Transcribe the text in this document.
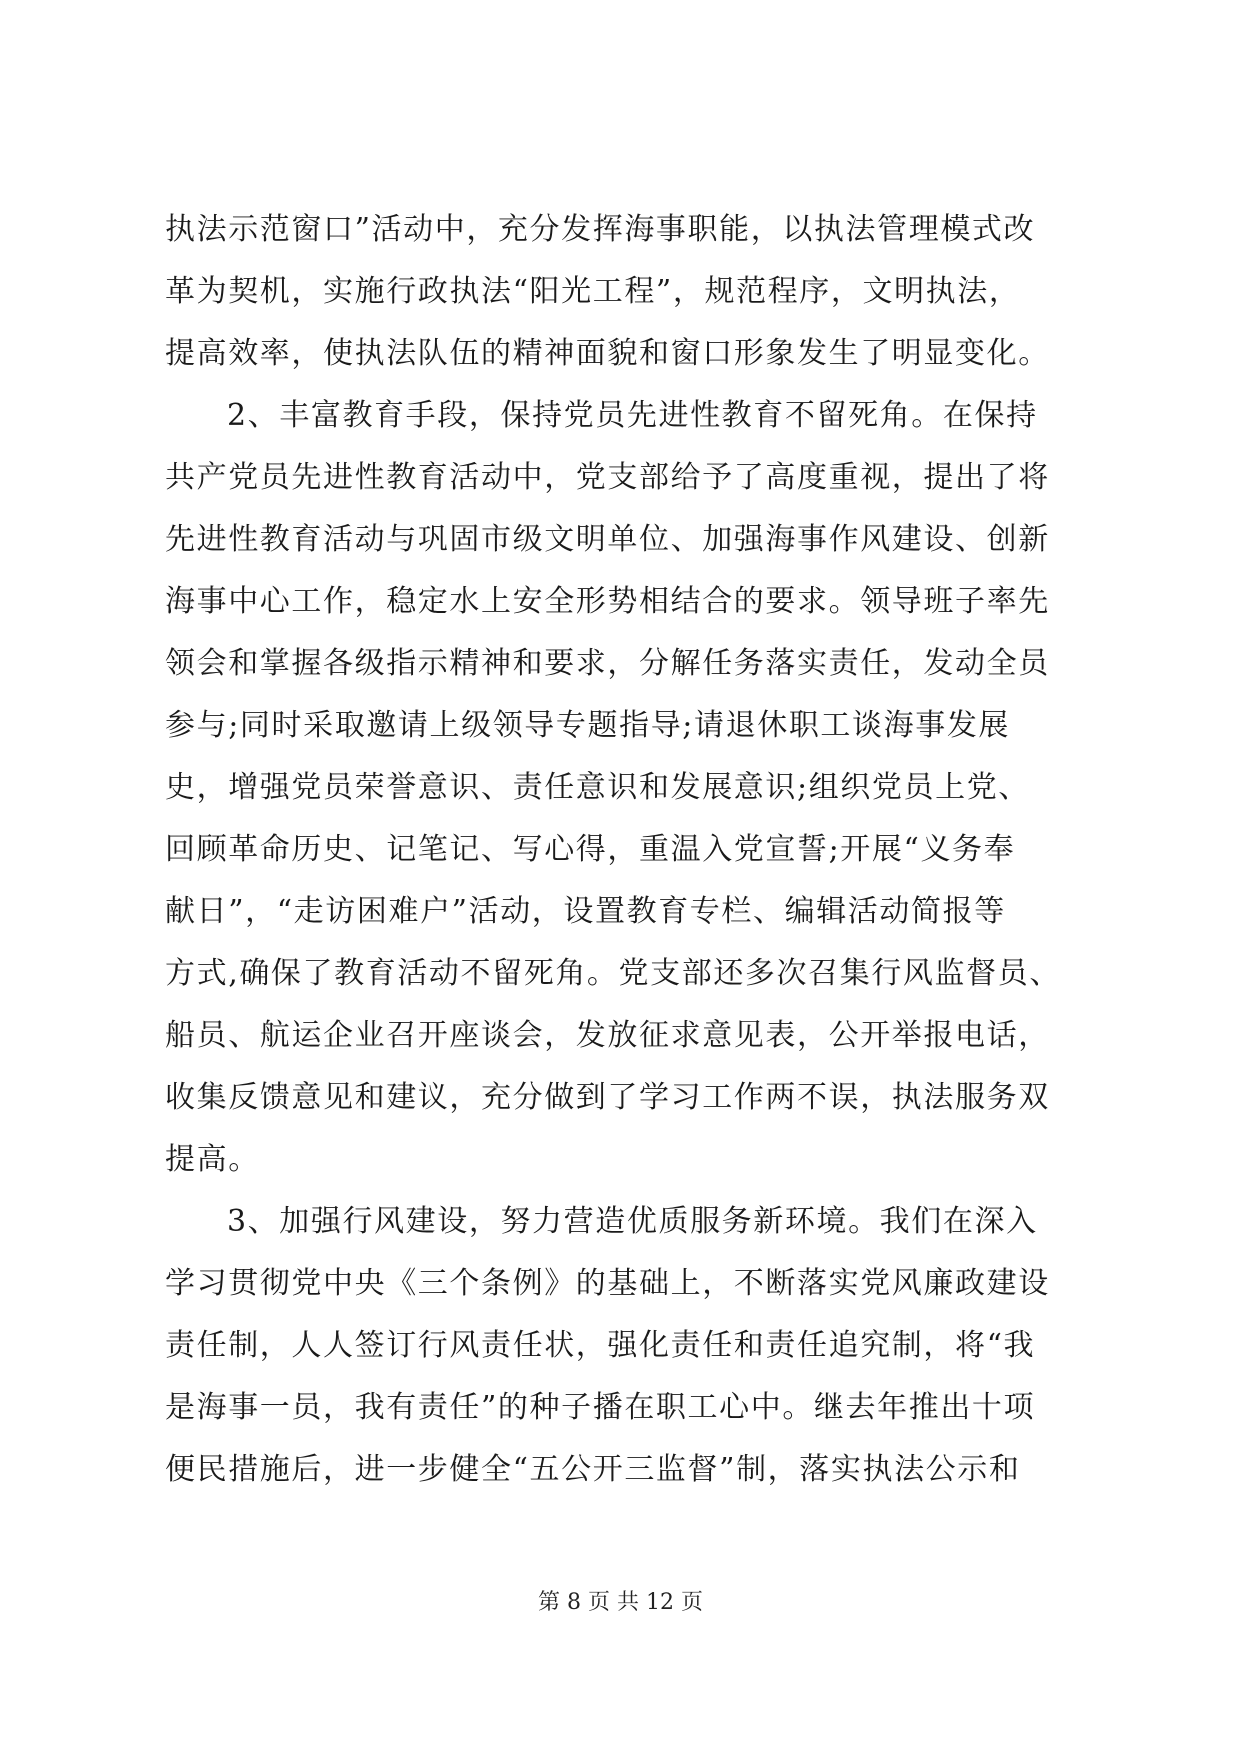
执法示范窗口”活动中，充分发挥海事职能，以执法管理模式改
革为契机，实施行政执法“阳光工程”，规范程序，文明执法，
提高效率，使执法队伍的精神面貌和窗口形象发生了明显变化。
2、丰富教育手段，保持党员先进性教育不留死角。在保持
共产党员先进性教育活动中，党支部给予了高度重视，提出了将
先进性教育活动与巩固市级文明单位、加强海事作风建设、创新
海事中心工作，稳定水上安全形势相结合的要求。领导班子率先
领会和掌握各级指示精神和要求，分解任务落实责任，发动全员
参与;同时采取邀请上级领导专题指导;请退休职工谈海事发展
史，增强党员荣誉意识、责任意识和发展意识;组织党员上党、
回顾革命历史、记笔记、写心得，重温入党宣誓;开展“义务奉
献日”，“走访困难户”活动，设置教育专栏、编辑活动简报等
方式,确保了教育活动不留死角。党支部还多次召集行风监督员、
船员、航运企业召开座谈会，发放征求意见表，公开举报电话，
收集反馈意见和建议，充分做到了学习工作两不误，执法服务双
提高。
3、加强行风建设，努力营造优质服务新环境。我们在深入
学习贯彻党中央《三个条例》的基础上，不断落实党风廉政建设
责任制，人人签订行风责任状，强化责任和责任追究制，将“我
是海事一员，我有责任”的种子播在职工心中。继去年推出十项
便民措施后，进一步健全“五公开三监督”制，落实执法公示和
第 8 页 共 12 页
